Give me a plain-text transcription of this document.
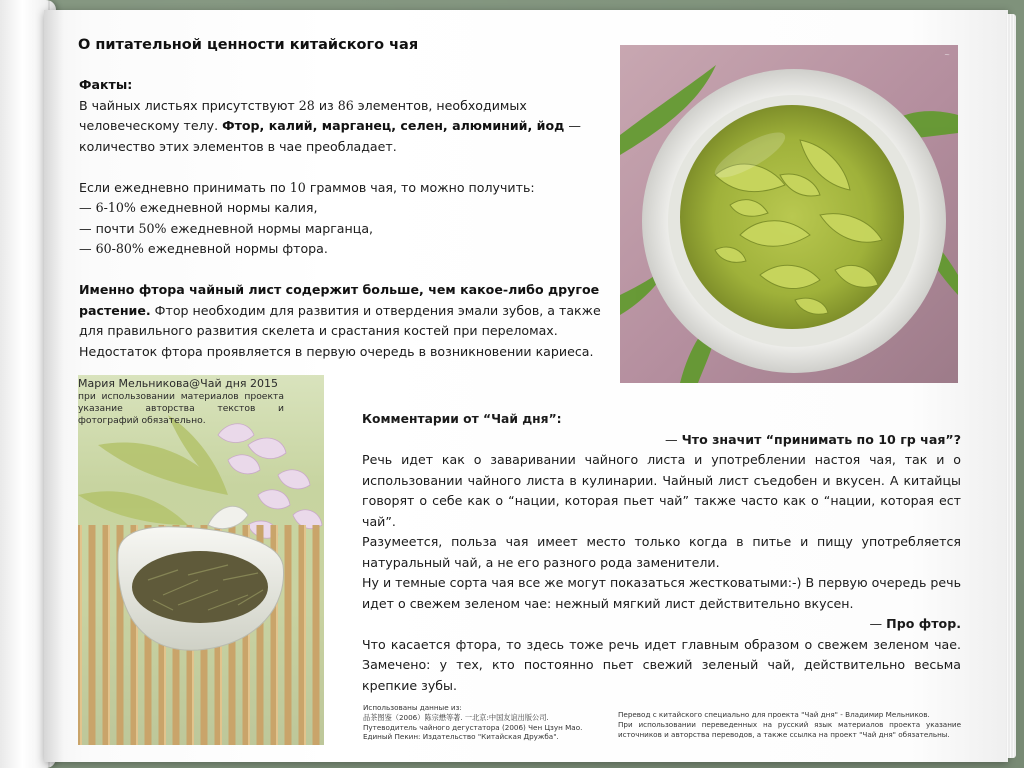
О питательной ценности китайского чая

Факты:

В чайных листьях присутствуют 28 из 86 элементов, необходимых человеческому телу. Фтор, калий, марганец, селен, алюминий, йод — количество этих элементов в чае преобладает.

Если ежедневно принимать по 10 граммов чая, то можно получить:

— 6-10% ежедневной нормы калия,

— почти 50% ежедневной нормы марганца,

— 60-80% ежедневной нормы фтора.

Именно фтора чайный лист содержит больше, чем какое-либо другое растение. Фтор необходим для развития и отвердения эмали зубов, а также для правильного развития скелета и срастания костей при переломах. Недостаток фтора проявляется в первую очередь в возникновении кариеса.

~
Мария Мельникова@Чай дня 2015
при использовании материалов проекта указание авторства текстов и фотографий обязательно.	Комментарии от “Чай дня”:

— Что значит “принимать по 10 гр чая”?

Речь идет как о заваривании чайного листа и употреблении настоя чая, так и о использовании чайного листа в кулинарии. Чайный лист съедобен и вкусен. А китайцы говорят о себе как о “нации, которая пьет чай” также часто как о “нации, которая ест чай”.

Разумеется, польза чая имеет место только когда в питье и пищу употребляется натуральный чай, а не его разного рода заменители.

Ну и темные сорта чая все же могут показаться жестковатыми:-) В первую очередь речь идет о свежем зеленом чае: нежный мягкий лист действительно вкусен.

— Про фтор.

Что касается фтора, то здесь тоже речь идет главным образом о свежем зеленом чае. Замечено: у тех, кто постоянно пьет свежий зеленый чай, действительно весьма крепкие зубы.

Использованы данные из:
品茶图鉴（2006）陈宗懋等著. 一北京:中国友谊出版公司.
Путеводитель чайного дегустатора (2006) Чен Цзун Мао.
Единый Пекин: Издательство "Китайская Дружба".
Перевод с китайского специально для проекта "Чай дня" - Владимир Мельников.
При использовании переведенных на русский язык материалов проекта указание источников и авторства переводов, а также ссылка на проект "Чай дня" обязательны.
